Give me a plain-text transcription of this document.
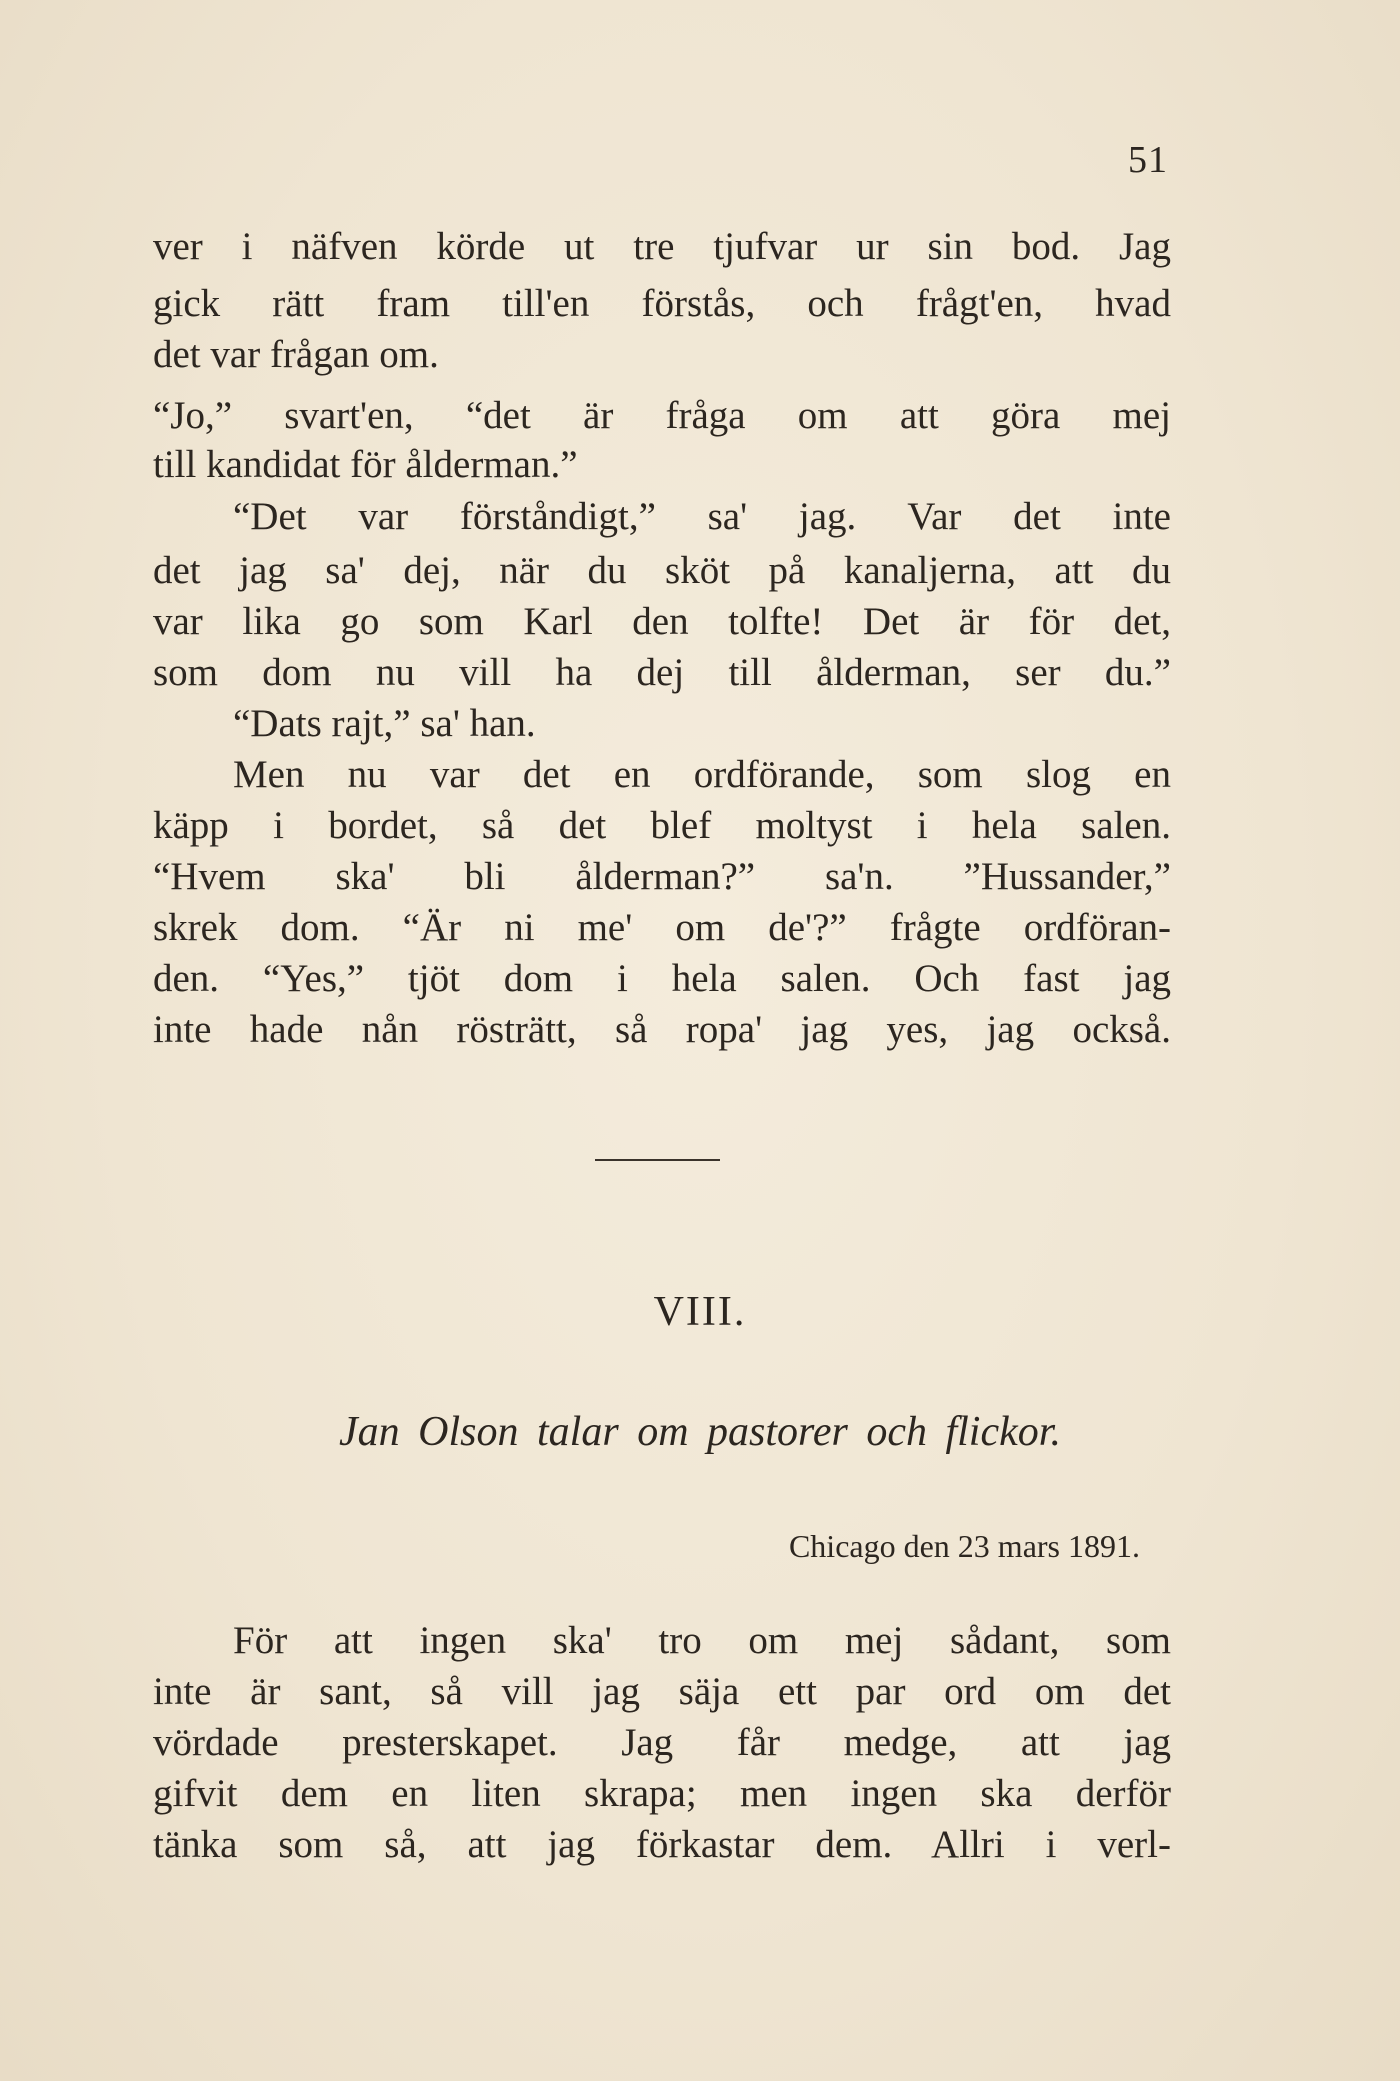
51
ver i näfven körde ut tre tjufvar ur sin bod. Jag
gick rätt fram till'en förstås, och frågt'en, hvad
det var frågan om.
“Jo,” svart'en, “det är fråga om att göra mej
till kandidat för ålderman.”
“Det var förståndigt,” sa' jag. Var det inte
det jag sa' dej, när du sköt på kanaljerna, att du
var lika go som Karl den tolfte! Det är för det,
som dom nu vill ha dej till ålderman, ser du.”
“Dats rajt,” sa' han.
Men nu var det en ordförande, som slog en
käpp i bordet, så det blef moltyst i hela salen.
“Hvem ska' bli ålderman?” sa'n. ”Hussander,”
skrek dom. “Är ni me' om de'?” frågte ordföran-
den. “Yes,” tjöt dom i hela salen. Och fast jag
inte hade nån rösträtt, så ropa' jag yes, jag också.
VIII.
Jan Olson talar om pastorer och flickor.
Chicago den 23 mars 1891.
För att ingen ska' tro om mej sådant, som
inte är sant, så vill jag säja ett par ord om det
vördade presterskapet. Jag får medge, att jag
gifvit dem en liten skrapa; men ingen ska derför
tänka som så, att jag förkastar dem. Allri i verl-
